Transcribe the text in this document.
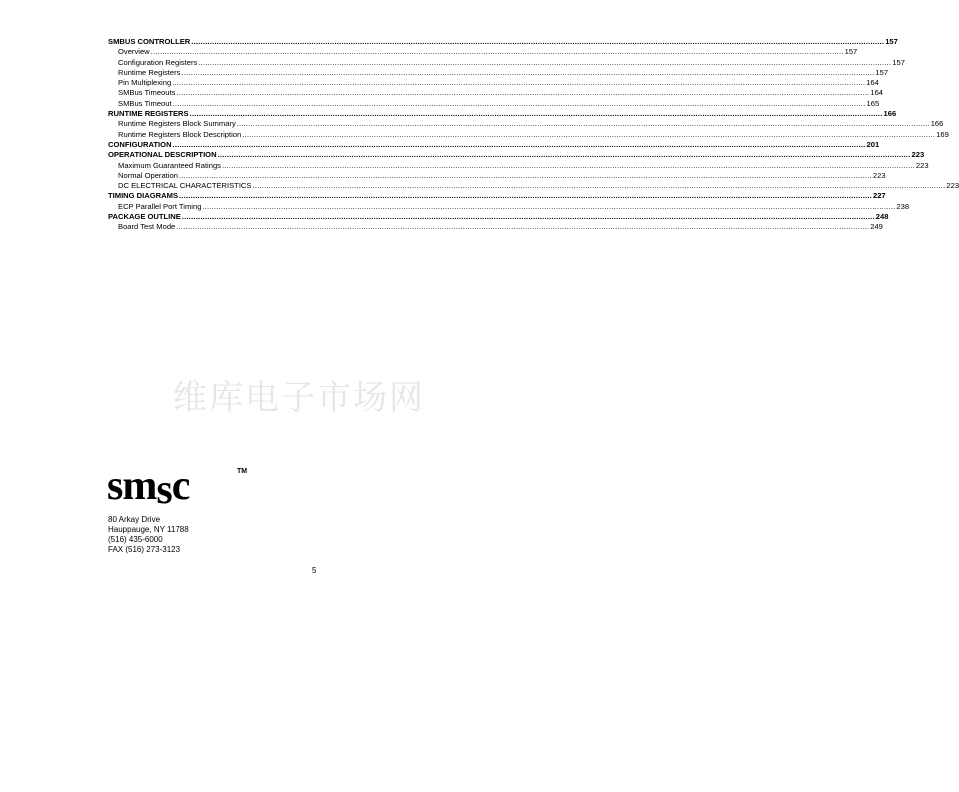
SMBUS CONTROLLER ............................................................................................................................................................................................................................................................................................................ 157
Overview ............................................................................................................................................................................................................................................................................................................ 157
Configuration Registers ............................................................................................................................................................................................................................................................................................................ 157
Runtime Registers ............................................................................................................................................................................................................................................................................................................ 157
Pin Multiplexing ............................................................................................................................................................................................................................................................................................................ 164
SMBus Timeouts ............................................................................................................................................................................................................................................................................................................ 164
SMBus Timeout ............................................................................................................................................................................................................................................................................................................ 165
RUNTIME REGISTERS ............................................................................................................................................................................................................................................................................................................ 166
Runtime Registers Block Summary ............................................................................................................................................................................................................................................................................................................ 166
Runtime Registers Block Description ............................................................................................................................................................................................................................................................................................................ 169
CONFIGURATION ............................................................................................................................................................................................................................................................................................................ 201
OPERATIONAL DESCRIPTION ............................................................................................................................................................................................................................................................................................................ 223
Maximum Guaranteed Ratings ............................................................................................................................................................................................................................................................................................................ 223
Normal Operation ............................................................................................................................................................................................................................................................................................................ 223
DC ELECTRICAL CHARACTERISTICS ............................................................................................................................................................................................................................................................................................................ 223
TIMING DIAGRAMS ............................................................................................................................................................................................................................................................................................................ 227
ECP Parallel Port Timing ............................................................................................................................................................................................................................................................................................................ 238
PACKAGE OUTLINE ............................................................................................................................................................................................................................................................................................................ 248
Board Test Mode ............................................................................................................................................................................................................................................................................................................ 249
维库电子市场网
smsc	TM
80 Arkay Drive
Hauppauge, NY 11788
(516) 435-6000
FAX (516) 273-3123
5
